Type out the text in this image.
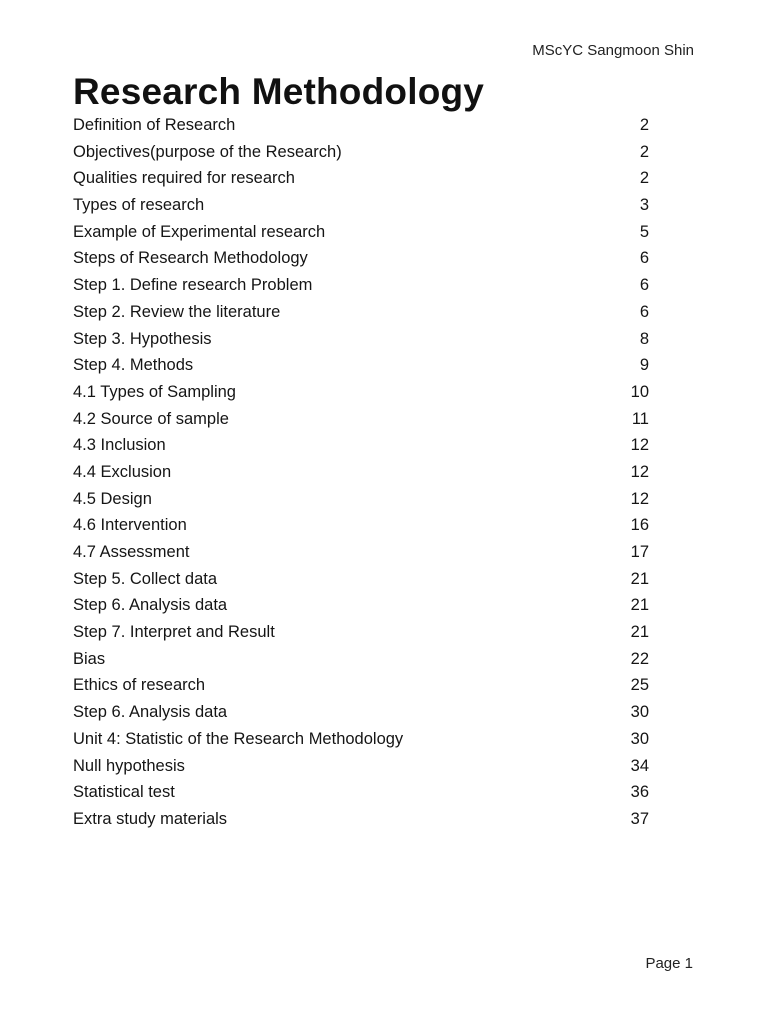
MScYC Sangmoon Shin
Research Methodology
Definition of Research	2
Objectives(purpose of the Research)	2
Qualities required for research	2
Types of research	3
Example of Experimental research	5
Steps of Research Methodology	6
Step 1. Define research Problem	6
Step 2. Review the literature	6
Step 3. Hypothesis	8
Step 4. Methods	9
4.1 Types of Sampling	10
4.2 Source of sample	11
4.3 Inclusion	12
4.4 Exclusion	12
4.5 Design	12
4.6 Intervention	16
4.7 Assessment	17
Step 5. Collect data	21
Step 6. Analysis data	21
Step 7. Interpret and Result	21
Bias	22
Ethics of research	25
Step 6. Analysis data	30
Unit 4: Statistic of the Research Methodology	30
Null hypothesis	34
Statistical test	36
Extra study materials	37
Page 1
